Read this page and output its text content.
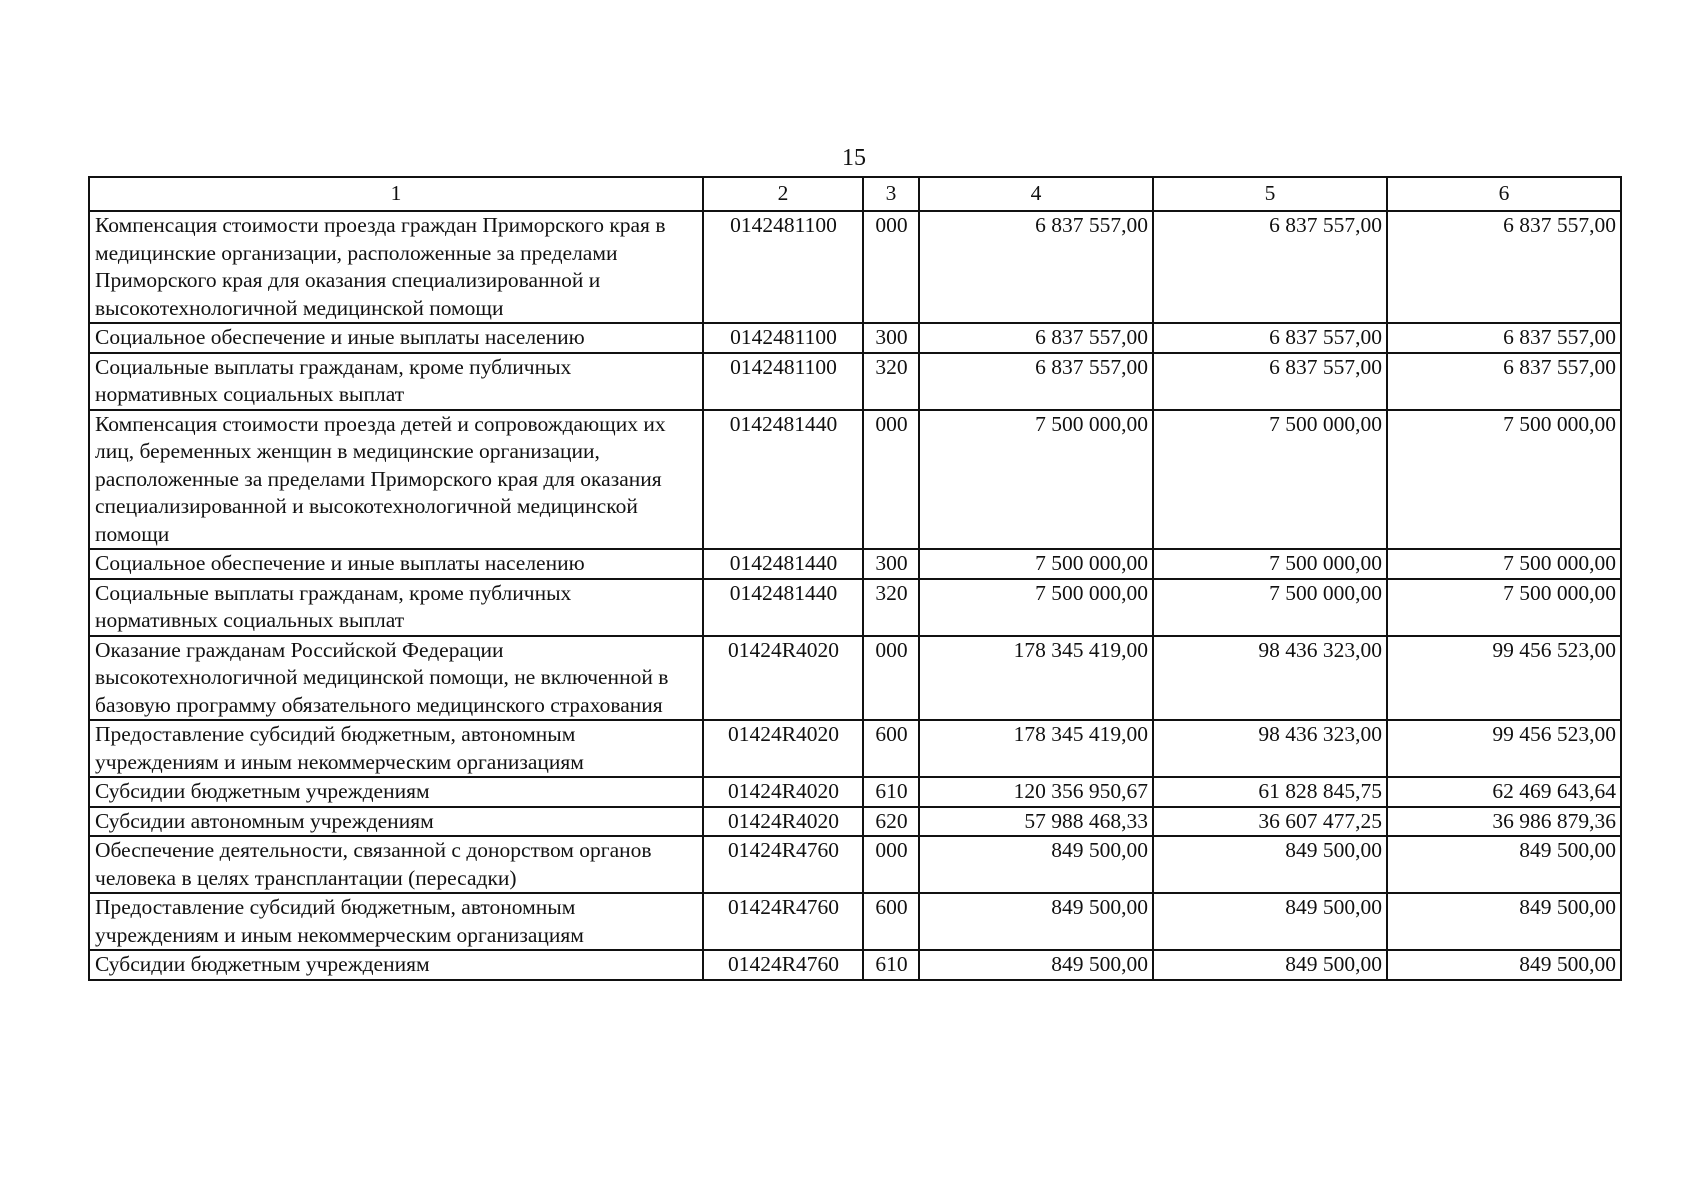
15
1	2	3	4	5	6
Компенсация стоимости проезда граждан Приморского края в медицинские организации, расположенные за пределами Приморского края для оказания специализированной и высокотехнологичной медицинской помощи	0142481100	000	6 837 557,00	6 837 557,00	6 837 557,00
Социальное обеспечение и иные выплаты населению	0142481100	300	6 837 557,00	6 837 557,00	6 837 557,00
Социальные выплаты гражданам, кроме публичных нормативных социальных выплат	0142481100	320	6 837 557,00	6 837 557,00	6 837 557,00
Компенсация стоимости проезда детей и сопровождающих их лиц, беременных женщин в медицинские организации, расположенные за пределами Приморского края для оказания специализированной и высокотехнологичной медицинской помощи	0142481440	000	7 500 000,00	7 500 000,00	7 500 000,00
Социальное обеспечение и иные выплаты населению	0142481440	300	7 500 000,00	7 500 000,00	7 500 000,00
Социальные выплаты гражданам, кроме публичных нормативных социальных выплат	0142481440	320	7 500 000,00	7 500 000,00	7 500 000,00
Оказание гражданам Российской Федерации высокотехнологичной медицинской помощи, не включенной в базовую программу обязательного медицинского страхования	01424R4020	000	178 345 419,00	98 436 323,00	99 456 523,00
Предоставление субсидий бюджетным, автономным учреждениям и иным некоммерческим организациям	01424R4020	600	178 345 419,00	98 436 323,00	99 456 523,00
Субсидии бюджетным учреждениям	01424R4020	610	120 356 950,67	61 828 845,75	62 469 643,64
Субсидии автономным учреждениям	01424R4020	620	57 988 468,33	36 607 477,25	36 986 879,36
Обеспечение деятельности, связанной с донорством органов человека в целях трансплантации (пересадки)	01424R4760	000	849 500,00	849 500,00	849 500,00
Предоставление субсидий бюджетным, автономным учреждениям и иным некоммерческим организациям	01424R4760	600	849 500,00	849 500,00	849 500,00
Субсидии бюджетным учреждениям	01424R4760	610	849 500,00	849 500,00	849 500,00
